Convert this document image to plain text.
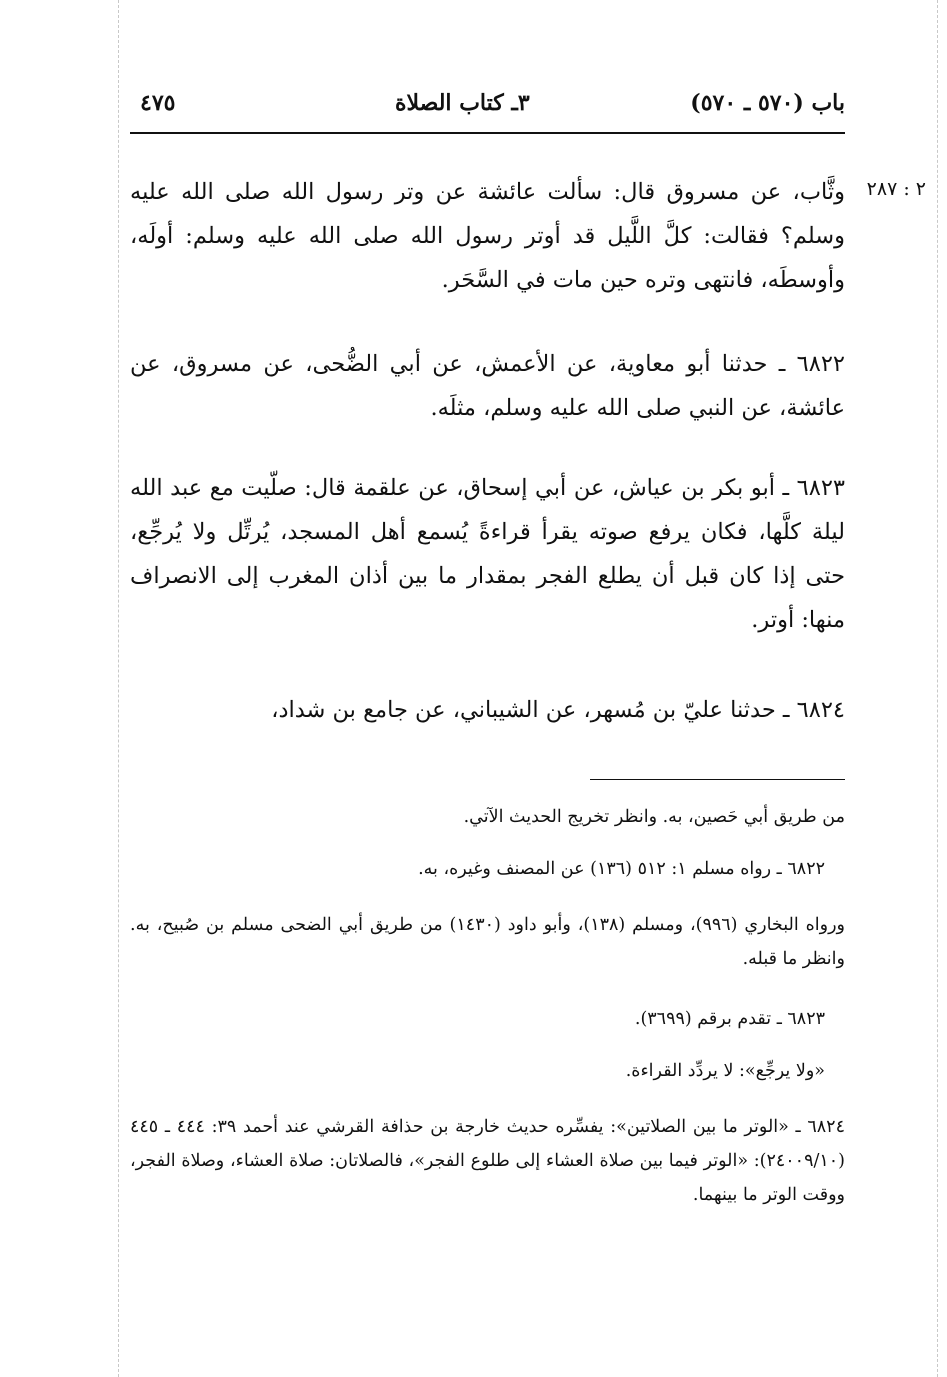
باب (٥٧٠ ـ ٥٧٠)
٣ـ كتاب الصلاة
٤٧٥
٢ : ٢٨٧
وثَّاب، عن مسروق قال: سألت عائشة عن وتر رسول الله صلى الله عليه وسلم؟ فقالت: كلَّ اللَّيل قد أوتر رسول الله صلى الله عليه وسلم: أولَه، وأوسطَه، فانتهى وتره حين مات في السَّحَر.
٦٨٢٢ ـ حدثنا أبو معاوية، عن الأعمش، عن أبي الضُّحى، عن مسروق، عن عائشة، عن النبي صلى الله عليه وسلم، مثلَه.
٦٨٢٣ ـ أبو بكر بن عياش، عن أبي إسحاق، عن علقمة قال: صلّيت مع عبد الله ليلة كلَّها، فكان يرفع صوته يقرأ قراءةً يُسمع أهل المسجد، يُرتِّل ولا يُرجِّع، حتى إذا كان قبل أن يطلع الفجر بمقدار ما بين أذان المغرب إلى الانصراف منها: أوتر.
٦٨٢٤ ـ حدثنا عليّ بن مُسهر، عن الشيباني، عن جامع بن شداد،
من طريق أبي حَصين، به. وانظر تخريج الحديث الآتي.
٦٨٢٢ ـ رواه مسلم ١: ٥١٢ (١٣٦) عن المصنف وغيره، به.
ورواه البخاري (٩٩٦)، ومسلم (١٣٨)، وأبو داود (١٤٣٠) من طريق أبي الضحى مسلم بن صُبيح، به. وانظر ما قبله.
٦٨٢٣ ـ تقدم برقم (٣٦٩٩).
«ولا يرجِّع»: لا يردِّد القراءة.
٦٨٢٤ ـ «الوتر ما بين الصلاتين»: يفسِّره حديث خارجة بن حذافة القرشي عند أحمد ٣٩: ٤٤٤ ـ ٤٤٥ (٢٤٠٠٩/١٠): «الوتر فيما بين صلاة العشاء إلى طلوع الفجر»، فالصلاتان: صلاة العشاء، وصلاة الفجر، ووقت الوتر ما بينهما.
